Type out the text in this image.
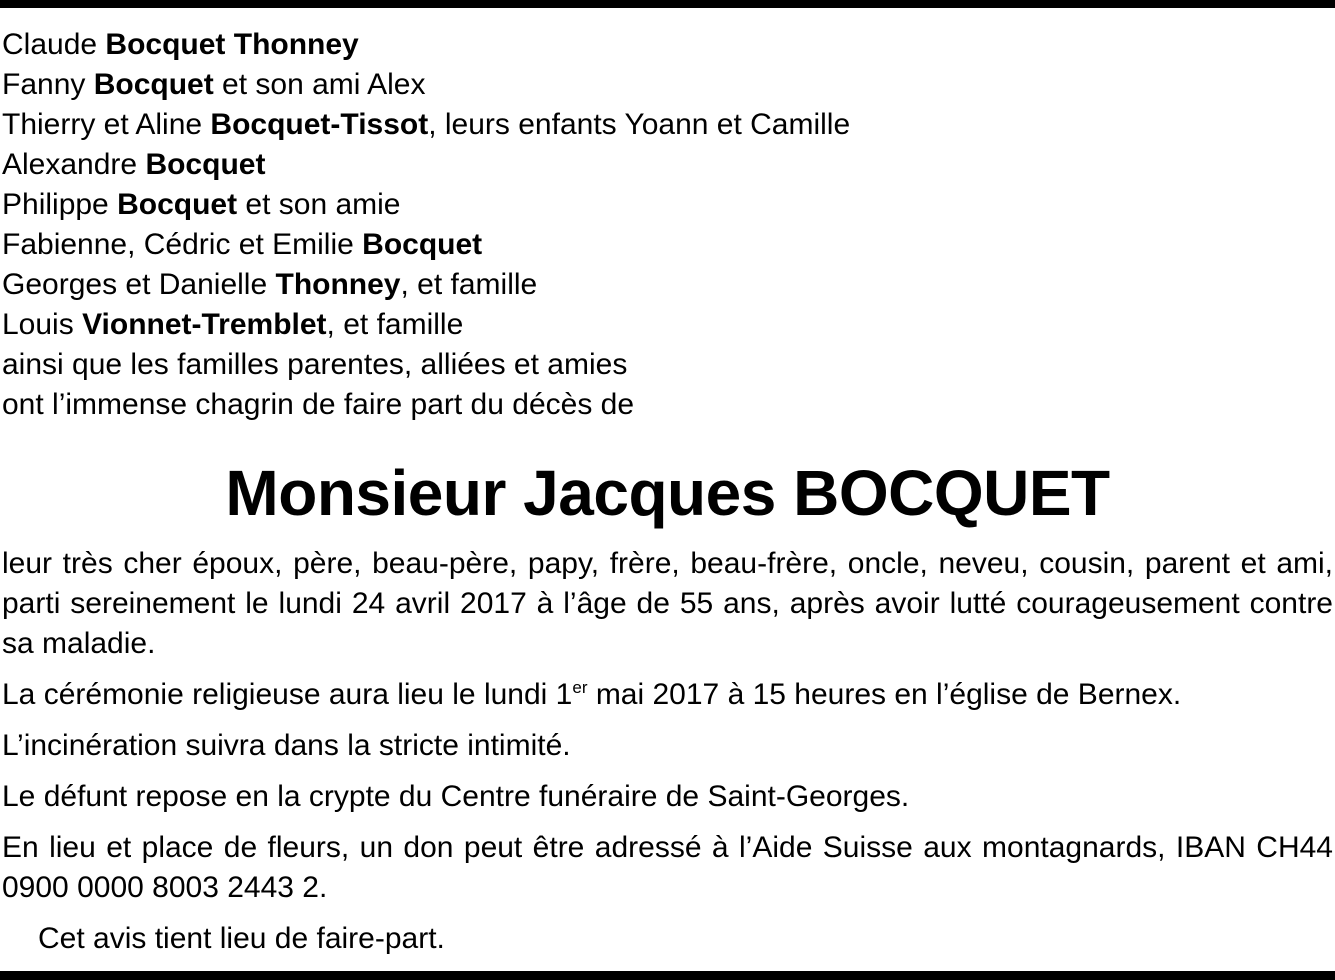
Claude Bocquet Thonney
Fanny Bocquet et son ami Alex
Thierry et Aline Bocquet-Tissot, leurs enfants Yoann et Camille
Alexandre Bocquet
Philippe Bocquet et son amie
Fabienne, Cédric et Emilie Bocquet
Georges et Danielle Thonney, et famille
Louis Vionnet-Tremblet, et famille
ainsi que les familles parentes, alliées et amies
ont l’immense chagrin de faire part du décès de
Monsieur Jacques BOCQUET
leur très cher époux, père, beau-père, papy, frère, beau-frère, oncle, neveu, cousin, parent et ami, parti sereinement le lundi 24 avril 2017 à l’âge de 55 ans, après avoir lutté courageusement contre sa maladie.
La cérémonie religieuse aura lieu le lundi 1er mai 2017 à 15 heures en l’église de Bernex.
L’incinération suivra dans la stricte intimité.
Le défunt repose en la crypte du Centre funéraire de Saint-Georges.
En lieu et place de fleurs, un don peut être adressé à l’Aide Suisse aux montagnards, IBAN CH44 0900 0000 8003 2443 2.
Cet avis tient lieu de faire-part.
